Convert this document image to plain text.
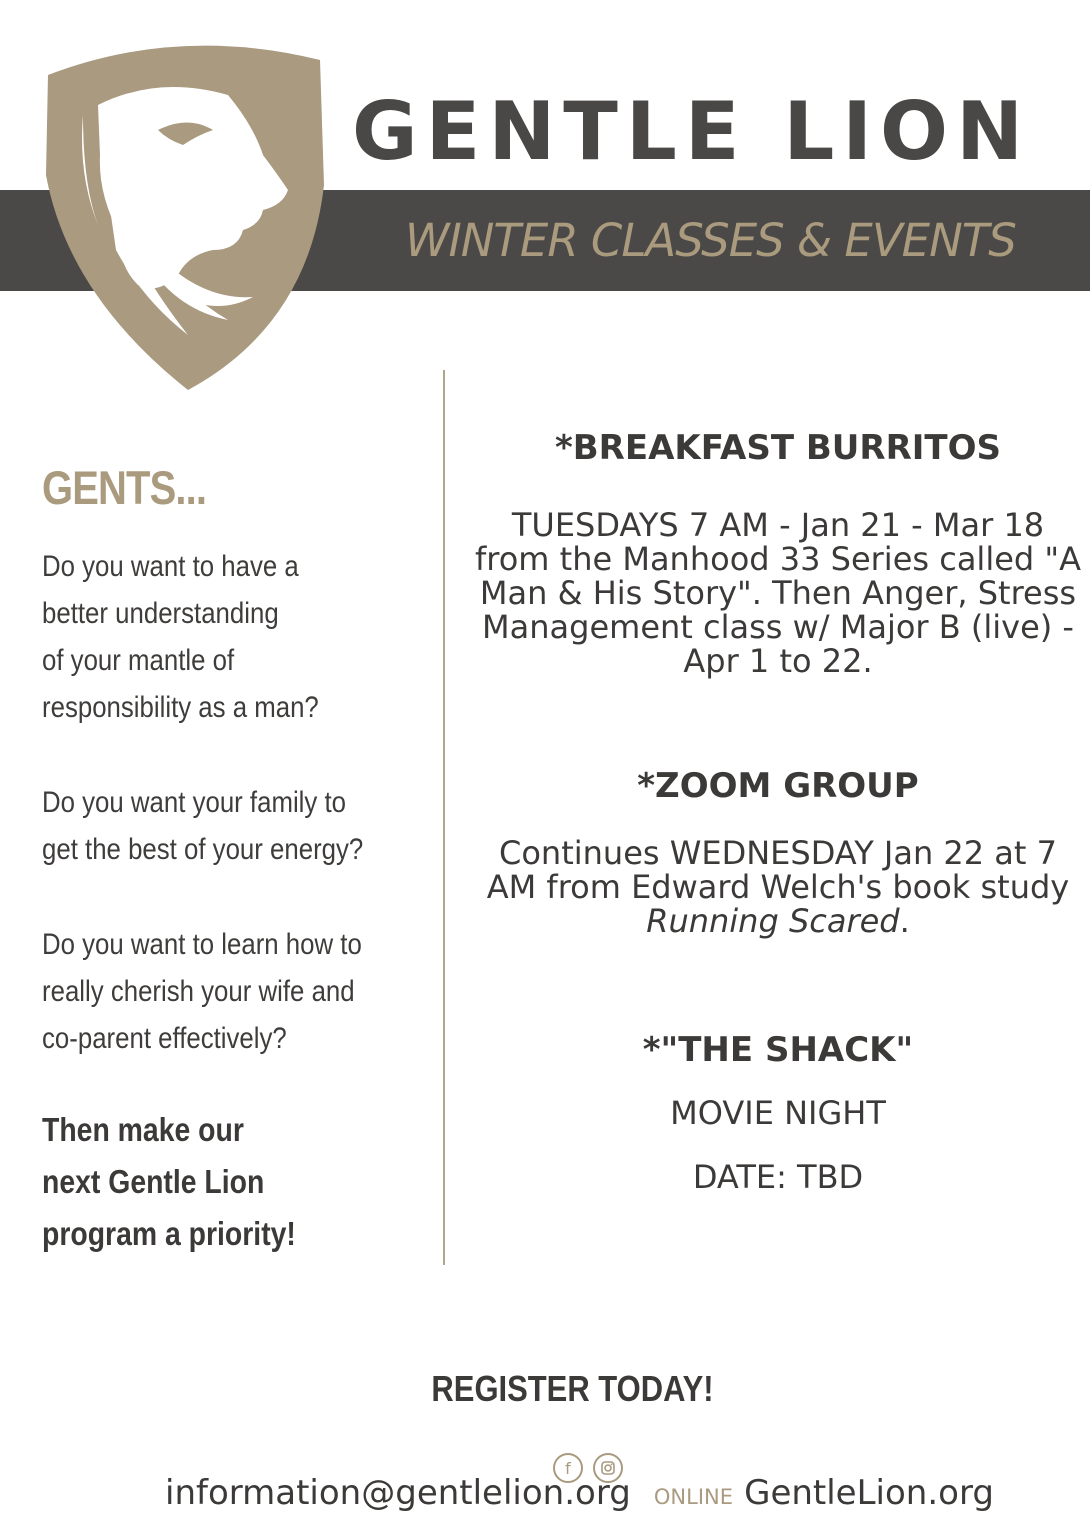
WINTER CLASSES & EVENTS
GENTLE LION
GENTS...
Do you want to have a
better understanding
of your mantle of
responsibility as a man?
Do you want your family to
get the best of your energy?
Do you want to learn how to
really cherish your wife and
co-parent effectively?
Then make our
next Gentle Lion
program a priority!

*BREAKFAST BURRITOS

TUESDAYS 7 AM - Jan 21 - Mar 18 from the Manhood 33 Series called "A Man & His Story". Then Anger, Stress Management class w/ Major B (live) - Apr 1 to 22.

*ZOOM GROUP

Continues WEDNESDAY Jan 22 at 7 AM from Edward Welch's book study Running Scared.

*"THE SHACK"

MOVIE NIGHT

DATE: TBD

REGISTER TODAY!
f
information@gentlelion.org ONLINE GentleLion.org
